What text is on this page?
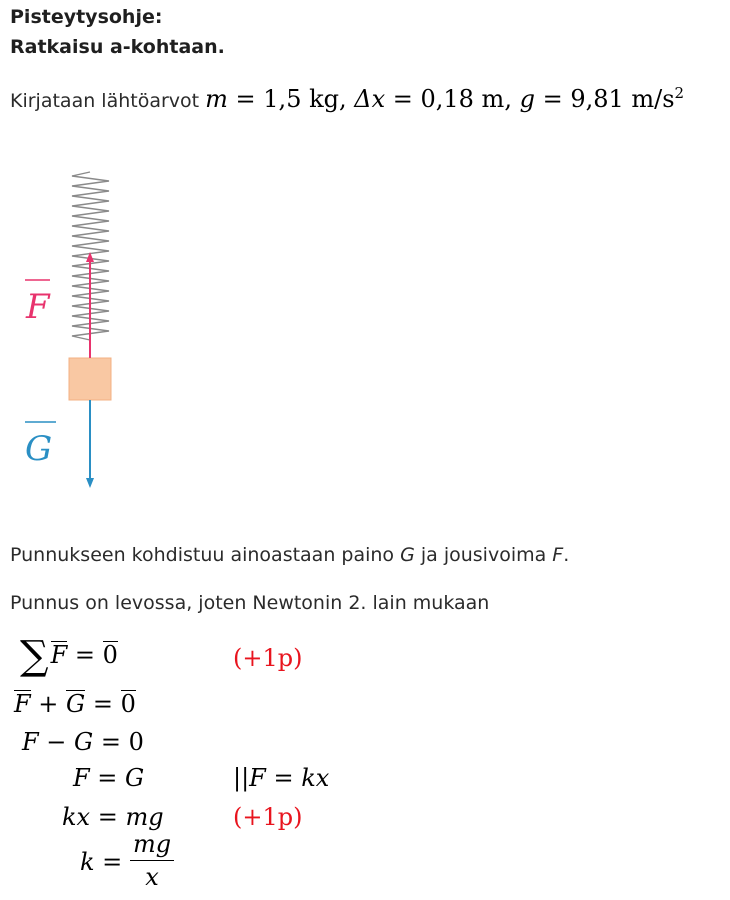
Pisteytysohje:
Ratkaisu a-kohtaan.
Kirjataan lähtöarvot m = 1,5 kg, Δx = 0,18 m, g = 9,81 $m/s^2$
F
G
Punnukseen kohdistuu ainoastaan paino G ja jousivoima F.
Punnus on levossa, joten Newtonin 2. lain mukaan
∑F = 0	(+1p)
F + G = 0
F − G = 0
F = G	||F = kx
kx = mg	(+1p)
k =
mg
x
